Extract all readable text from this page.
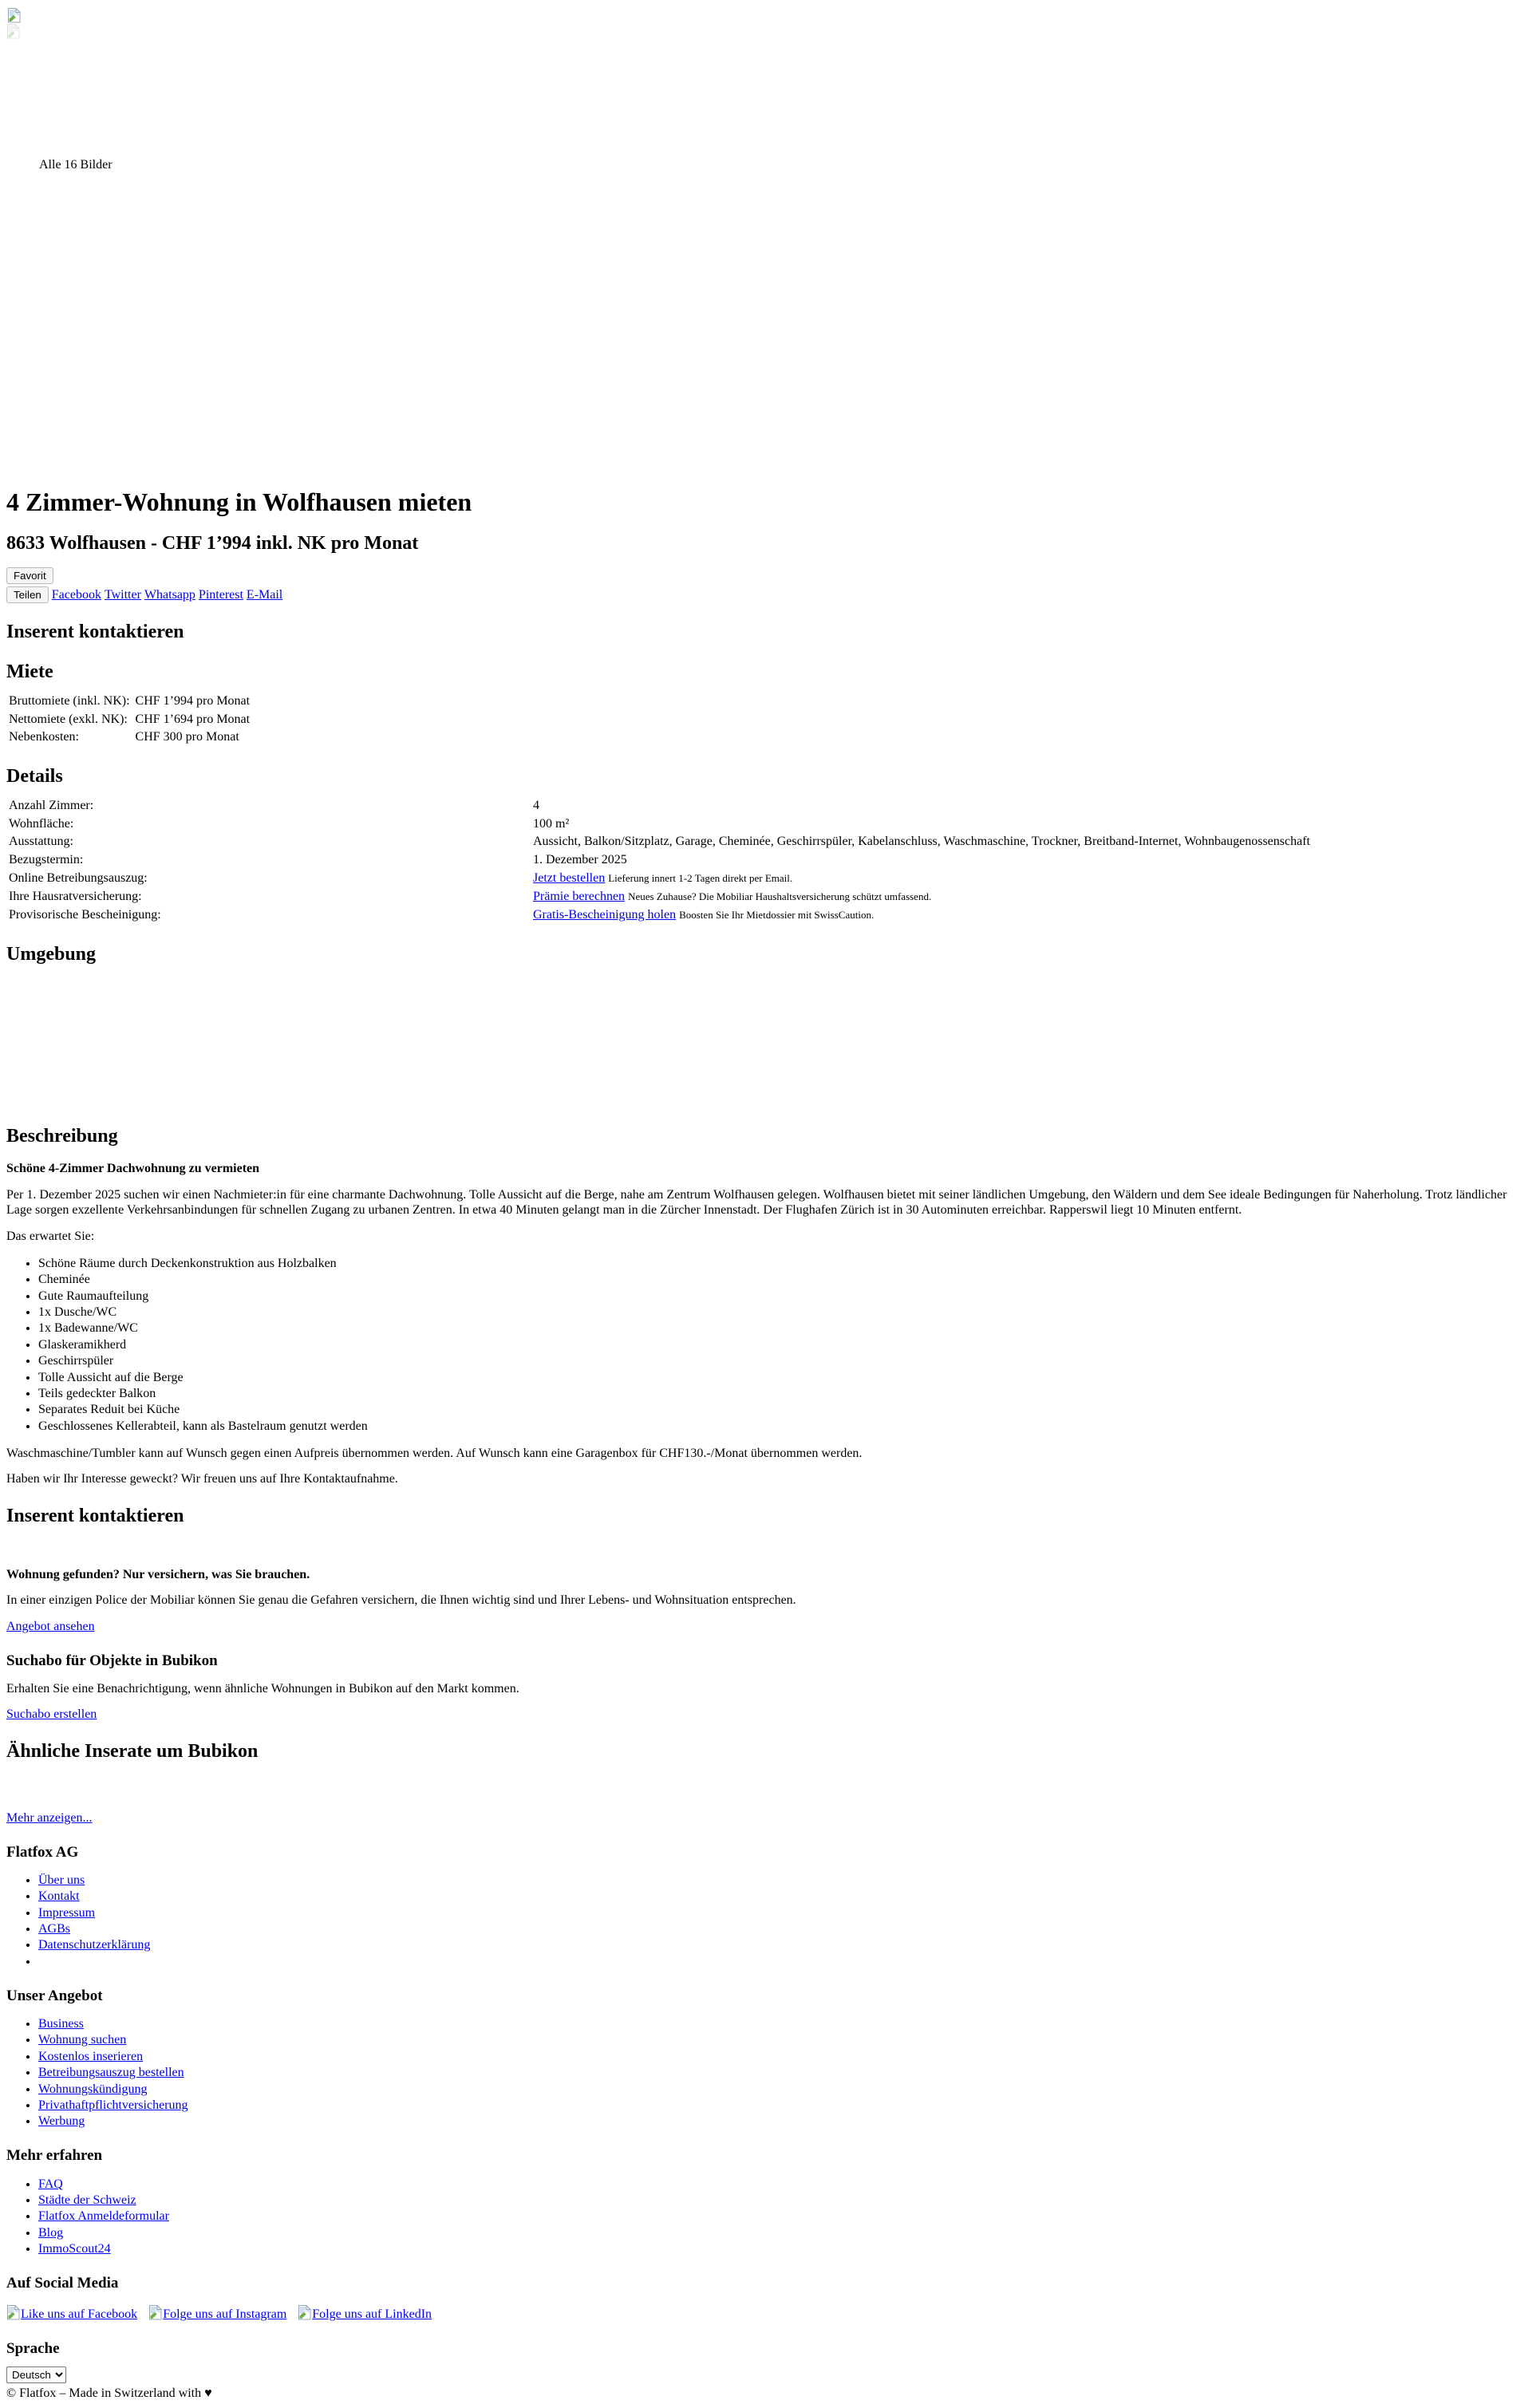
Alle 16 Bilder
4 Zimmer-Wohnung in Wolfhausen mieten
8633 Wolfhausen - CHF 1’994 inkl. NK pro Monat
Favorit
Teilen Facebook Twitter Whatsapp Pinterest E-Mail
Inserent kontaktieren
Miete
Bruttomiete (inkl. NK):	CHF 1’994 pro Monat
Nettomiete (exkl. NK):	CHF 1’694 pro Monat
Nebenkosten:	CHF 300 pro Monat
Details
Anzahl Zimmer:	4
Wohnfläche:	100 m²
Ausstattung:	Aussicht, Balkon/Sitzplatz, Garage, Cheminée, Geschirrspüler, Kabelanschluss, Waschmaschine, Trockner, Breitband-Internet, Wohnbaugenossenschaft
Bezugstermin:	1. Dezember 2025
Online Betreibungsauszug:	Jetzt bestellen Lieferung innert 1-2 Tagen direkt per Email.
Ihre Hausratversicherung:	Prämie berechnen Neues Zuhause? Die Mobiliar Haushaltsversicherung schützt umfassend.
Provisorische Bescheinigung:	Gratis-Bescheinigung holen Boosten Sie Ihr Mietdossier mit SwissCaution.
Umgebung
Beschreibung
Schöne 4-Zimmer Dachwohnung zu vermieten

Per 1. Dezember 2025 suchen wir einen Nachmieter:in für eine charmante Dachwohnung. Tolle Aussicht auf die Berge, nahe am Zentrum Wolfhausen gelegen. Wolfhausen bietet mit seiner ländlichen Umgebung, den Wäldern und dem See ideale Bedingungen für Naherholung. Trotz ländlicher Lage sorgen exzellente Verkehrsanbindungen für schnellen Zugang zu urbanen Zentren. In etwa 40 Minuten gelangt man in die Zürcher Innenstadt. Der Flughafen Zürich ist in 30 Autominuten erreichbar. Rapperswil liegt 10 Minuten entfernt.

Das erwartet Sie:

• Schöne Räume durch Deckenkonstruktion aus Holzbalken
• Cheminée
• Gute Raumaufteilung
• 1x Dusche/WC
• 1x Badewanne/WC
• Glaskeramikherd
• Geschirrspüler
• Tolle Aussicht auf die Berge
• Teils gedeckter Balkon
• Separates Reduit bei Küche
• Geschlossenes Kellerabteil, kann als Bastelraum genutzt werden

Waschmaschine/Tumbler kann auf Wunsch gegen einen Aufpreis übernommen werden. Auf Wunsch kann eine Garagenbox für CHF130.-/Monat übernommen werden.

Haben wir Ihr Interesse geweckt? Wir freuen uns auf Ihre Kontaktaufnahme.

Inserent kontaktieren
Wohnung gefunden? Nur versichern, was Sie brauchen.

In einer einzigen Police der Mobiliar können Sie genau die Gefahren versichern, die Ihnen wichtig sind und Ihrer Lebens- und Wohnsituation entsprechen.

Angebot ansehen

Suchabo für Objekte in Bubikon

Erhalten Sie eine Benachrichtigung, wenn ähnliche Wohnungen in Bubikon auf den Markt kommen.

Suchabo erstellen

Ähnliche Inserate um Bubikon

Mehr anzeigen...

Flatfox AG
• Über uns
• Kontakt
• Impressum
• AGBs
• Datenschutzerklärung
•
Unser Angebot
• Business
• Wohnung suchen
• Kostenlos inserieren
• Betreibungsauszug bestellen
• Wohnungskündigung
• Privathaftpflichtversicherung
• Werbung
Mehr erfahren
• FAQ
• Städte der Schweiz
• Flatfox Anmeldeformular
• Blog
• ImmoScout24
Auf Social Media
Like uns auf Facebook Folge uns auf Instagram Folge uns auf LinkedIn
Sprache
Deutsch
© Flatfox – Made in Switzerland with ♥
